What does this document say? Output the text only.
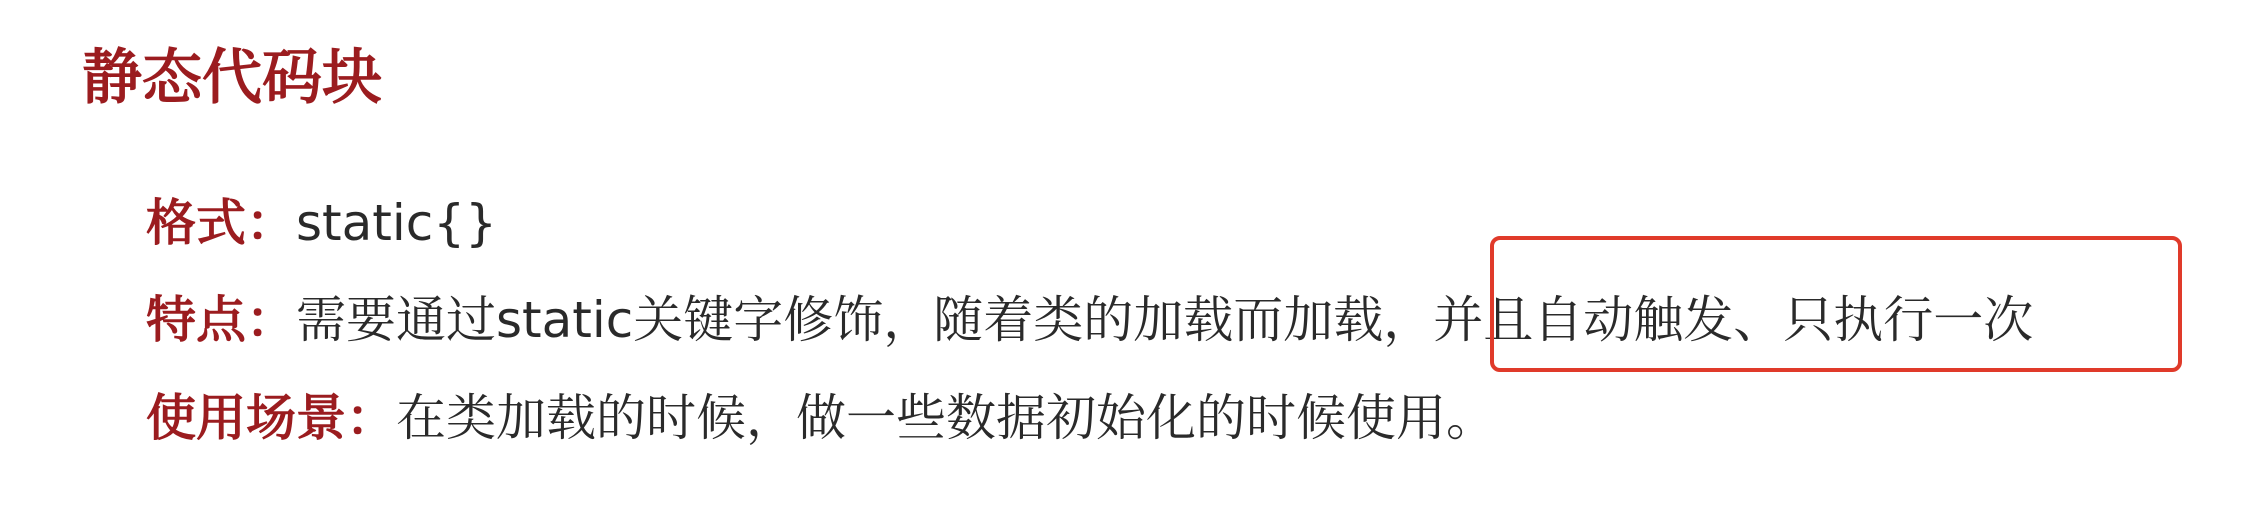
静态代码块
格式：static{}
特点：需要通过static关键字修饰，随着类的加载而加载，并且自动触发、只执行一次
使用场景：在类加载的时候，做一些数据初始化的时候使用。
